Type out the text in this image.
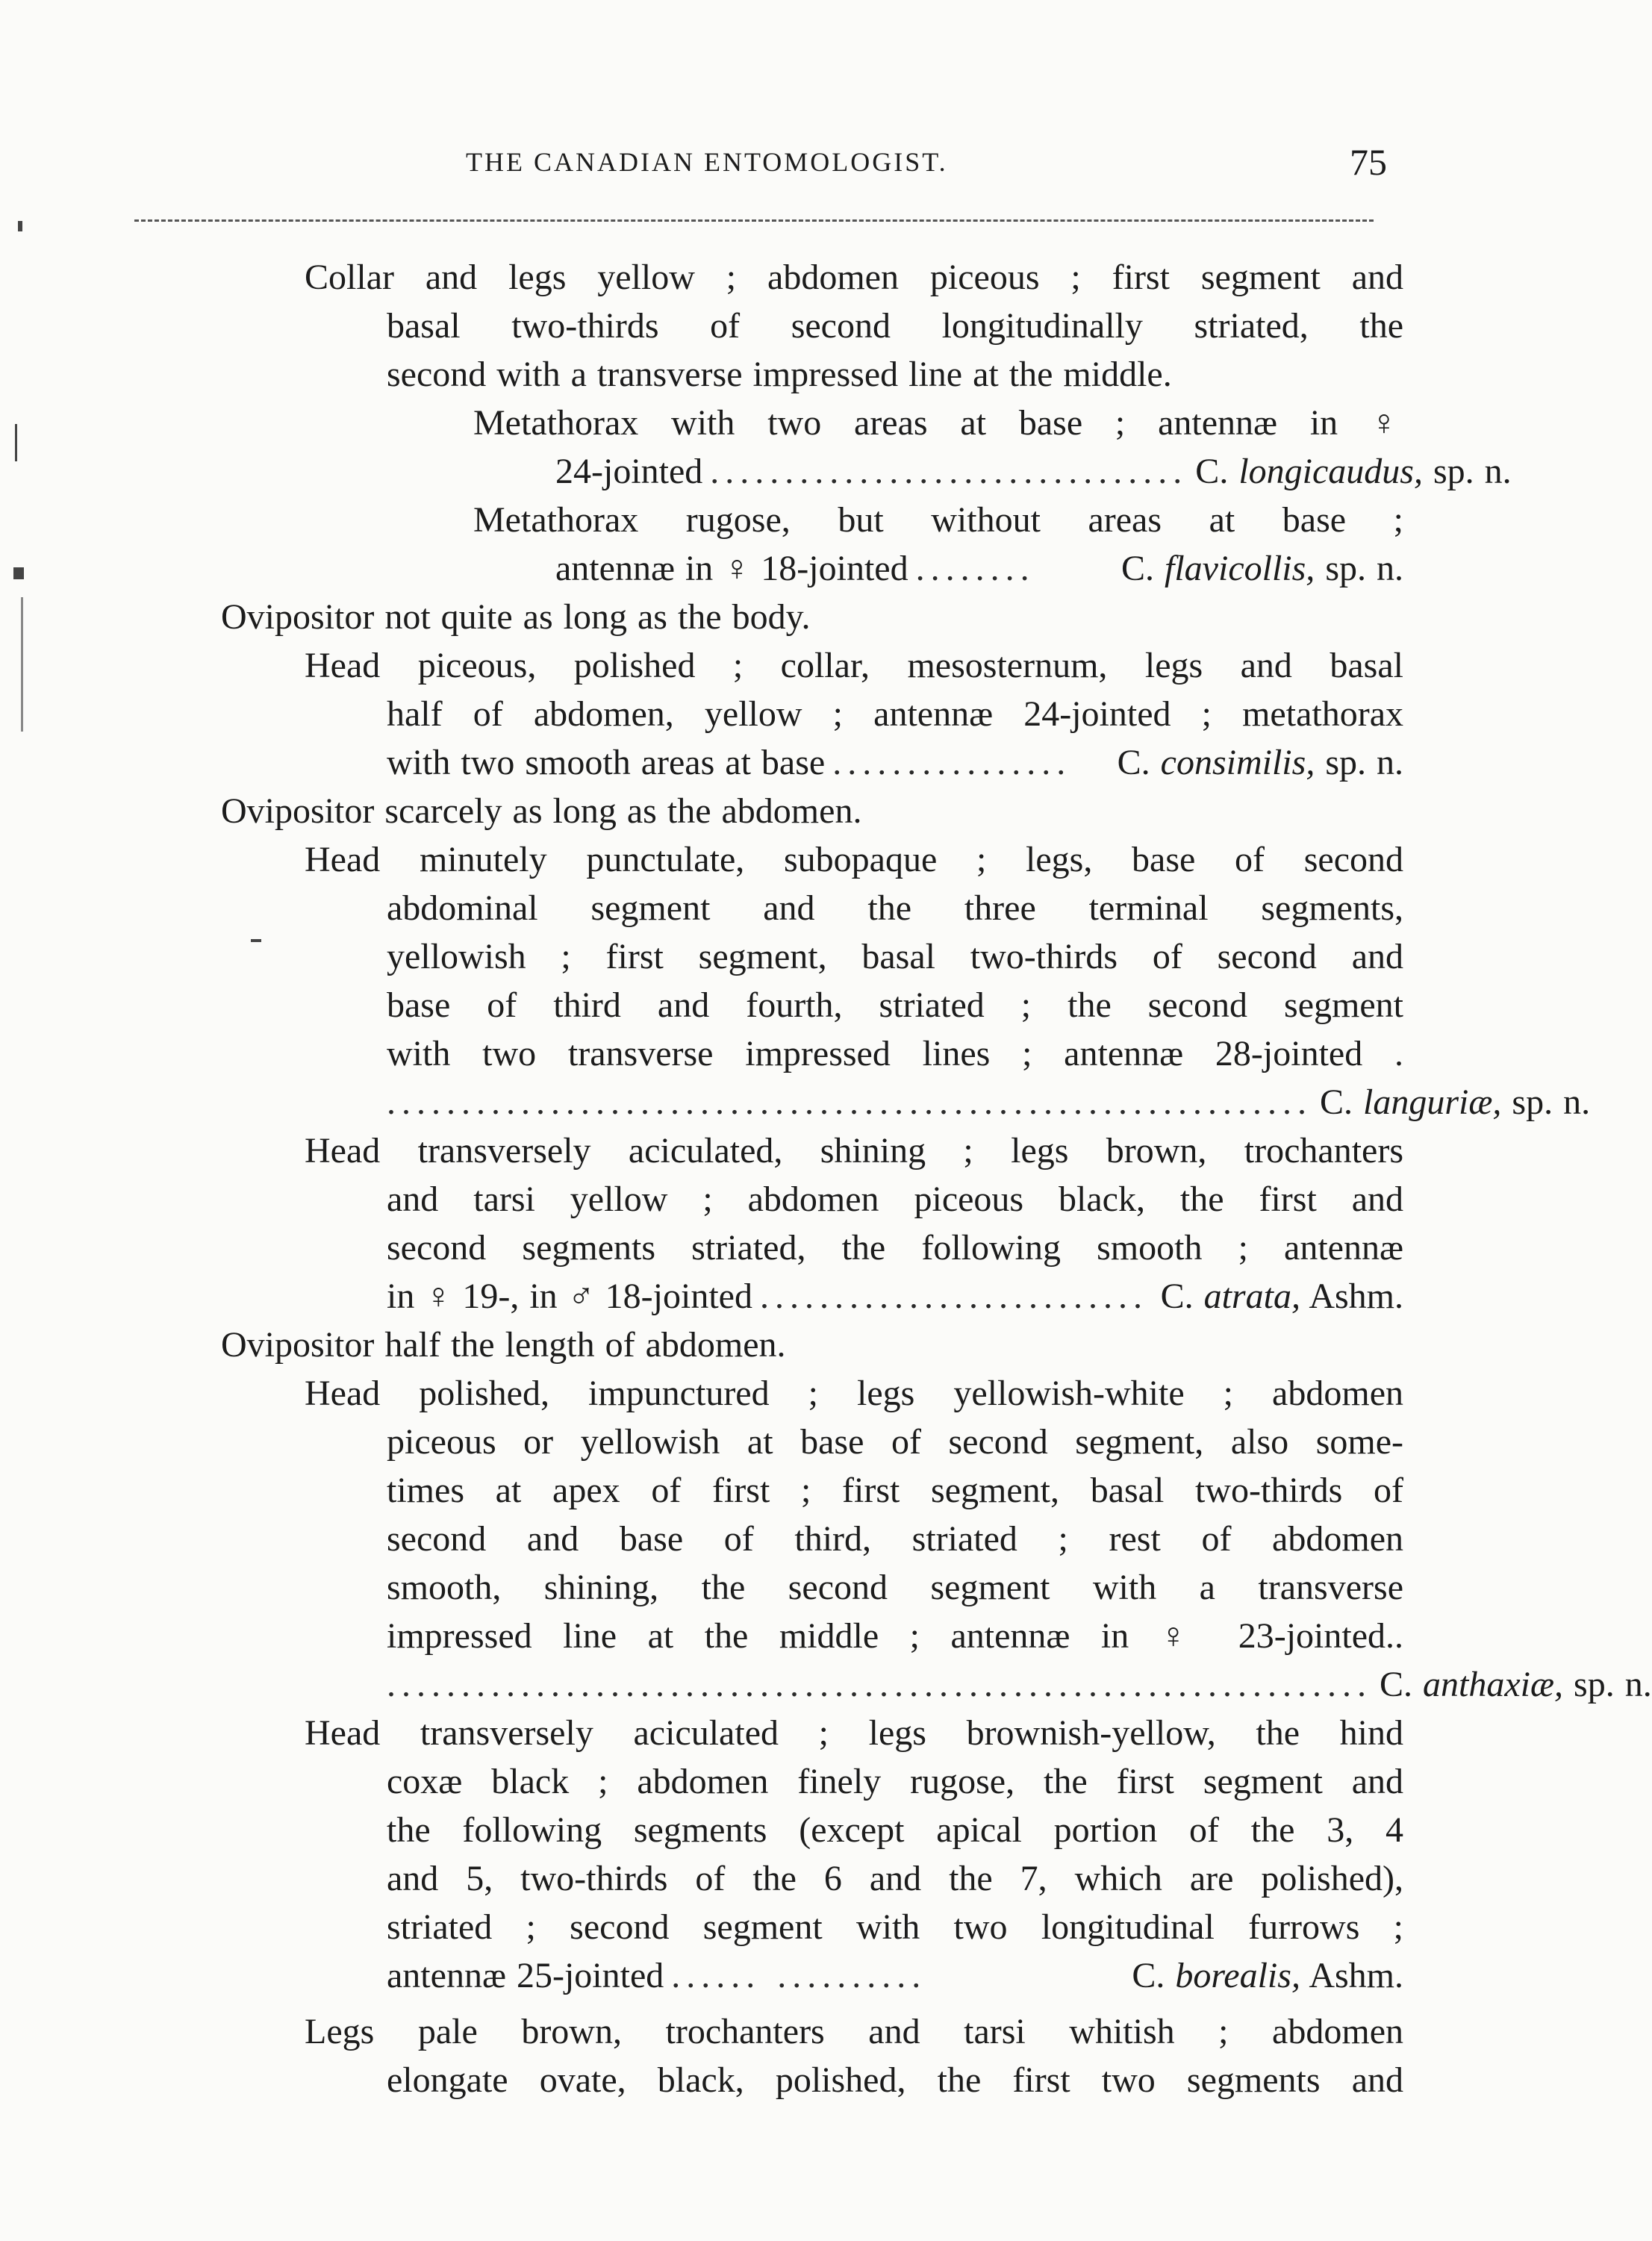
THE CANADIAN ENTOMOLOGIST.	75
Collar and legs yellow ; abdomen piceous ; first segment and
basal two-thirds of second longitudinally striated, the
second with a transverse impressed line at the middle.
Metathorax with two areas at base ; antennæ in ♀
24-jointed ................................ C. longicaudus, sp. n.
Metathorax rugose, but without areas at base ;
antennæ in ♀ 18-jointed ........	C. flavicollis, sp. n.
Ovipositor not quite as long as the body.
Head piceous, polished ; collar, mesosternum, legs and basal
half of abdomen, yellow ; antennæ 24-jointed ; metathorax
with two smooth areas at base ................	C. consimilis, sp. n.
Ovipositor scarcely as long as the abdomen.
Head minutely punctulate, subopaque ; legs, base of second
abdominal segment and the three terminal segments,
yellowish ; first segment, basal two-thirds of second and
base of third and fourth, striated ; the second segment
with two transverse impressed lines ; antennæ 28-jointed .
.............................................................. C. languriæ, sp. n.
Head transversely aciculated, shining ; legs brown, trochanters
and tarsi yellow ; abdomen piceous black, the first and
second segments striated, the following smooth ; antennæ
in ♀ 19-, in ♂ 18-jointed .......................... C. atrata, Ashm.
Ovipositor half the length of abdomen.
Head polished, impunctured ; legs yellowish-white ; abdomen
piceous or yellowish at base of second segment, also some-
times at apex of first ; first segment, basal two-thirds of
second and base of third, striated ; rest of abdomen
smooth, shining, the second segment with a transverse
impressed line at the middle ; antennæ in ♀ 23-jointed..
.................................................................. C. anthaxiæ, sp. n.
Head transversely aciculated ; legs brownish-yellow, the hind
coxæ black ; abdomen finely rugose, the first segment and
the following segments (except apical portion of the 3, 4
and 5, two-thirds of the 6 and the 7, which are polished),
striated ; second segment with two longitudinal furrows ;
antennæ 25-jointed ...... ..........	C. borealis, Ashm.
Legs pale brown, trochanters and tarsi whitish ; abdomen
elongate ovate, black, polished, the first two segments and
